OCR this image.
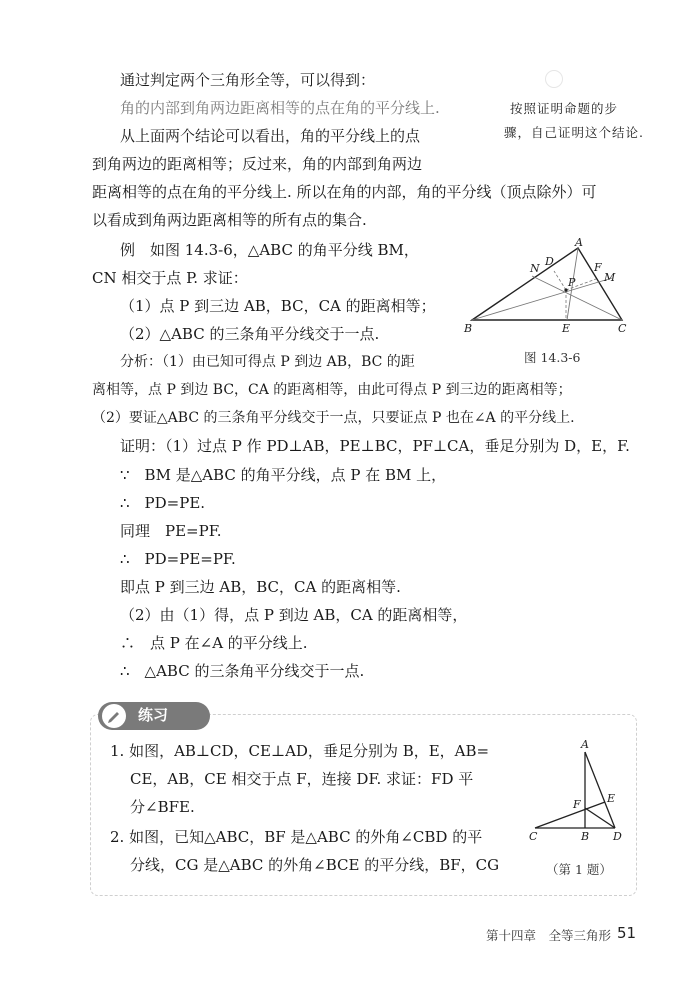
通过判定两个三角形全等，可以得到：
角的内部到角两边距离相等的点在角的平分线上.
从上面两个结论可以看出，角的平分线上的点
到角两边的距离相等；反过来，角的内部到角两边
距离相等的点在角的平分线上. 所以在角的内部，角的平分线（顶点除外）可
以看成到角两边距离相等的所有点的集合.
例　如图 14.3-6，△ABC 的角平分线 BM，
CN 相交于点 P. 求证：
（1）点 P 到三边 AB，BC，CA 的距离相等；
（2）△ABC 的三条角平分线交于一点.
分析：（1）由已知可得点 P 到边 AB，BC 的距
离相等，点 P 到边 BC，CA 的距离相等，由此可得点 P 到三边的距离相等；
（2）要证△ABC 的三条角平分线交于一点，只要证点 P 也在∠A 的平分线上.
证明：（1）过点 P 作 PD⊥AB，PE⊥BC，PF⊥CA，垂足分别为 D，E，F.
∵　BM 是△ABC 的角平分线，点 P 在 BM 上，
∴　PD=PE.
同理　PE=PF.
∴　PD=PE=PF.
即点 P 到三边 AB，BC，CA 的距离相等.
（2）由（1）得，点 P 到边 AB，CA 的距离相等，
∴　点 P 在∠A 的平分线上.
∴　△ABC 的三条角平分线交于一点.
按照证明命题的步
骤，自己证明这个结论.
A
D
N	F
M
P
B	E	C
图 14.3-6
练习
1. 如图，AB⊥CD，CE⊥AD，垂足分别为 B，E，AB=
CE，AB，CE 相交于点 F，连接 DF. 求证：FD 平
分∠BFE.
2. 如图，已知△ABC，BF 是△ABC 的外角∠CBD 的平
分线，CG 是△ABC 的外角∠BCE 的平分线，BF，CG
A
F E
C	B D
（第 1 题）
第十四章　全等三角形 51
